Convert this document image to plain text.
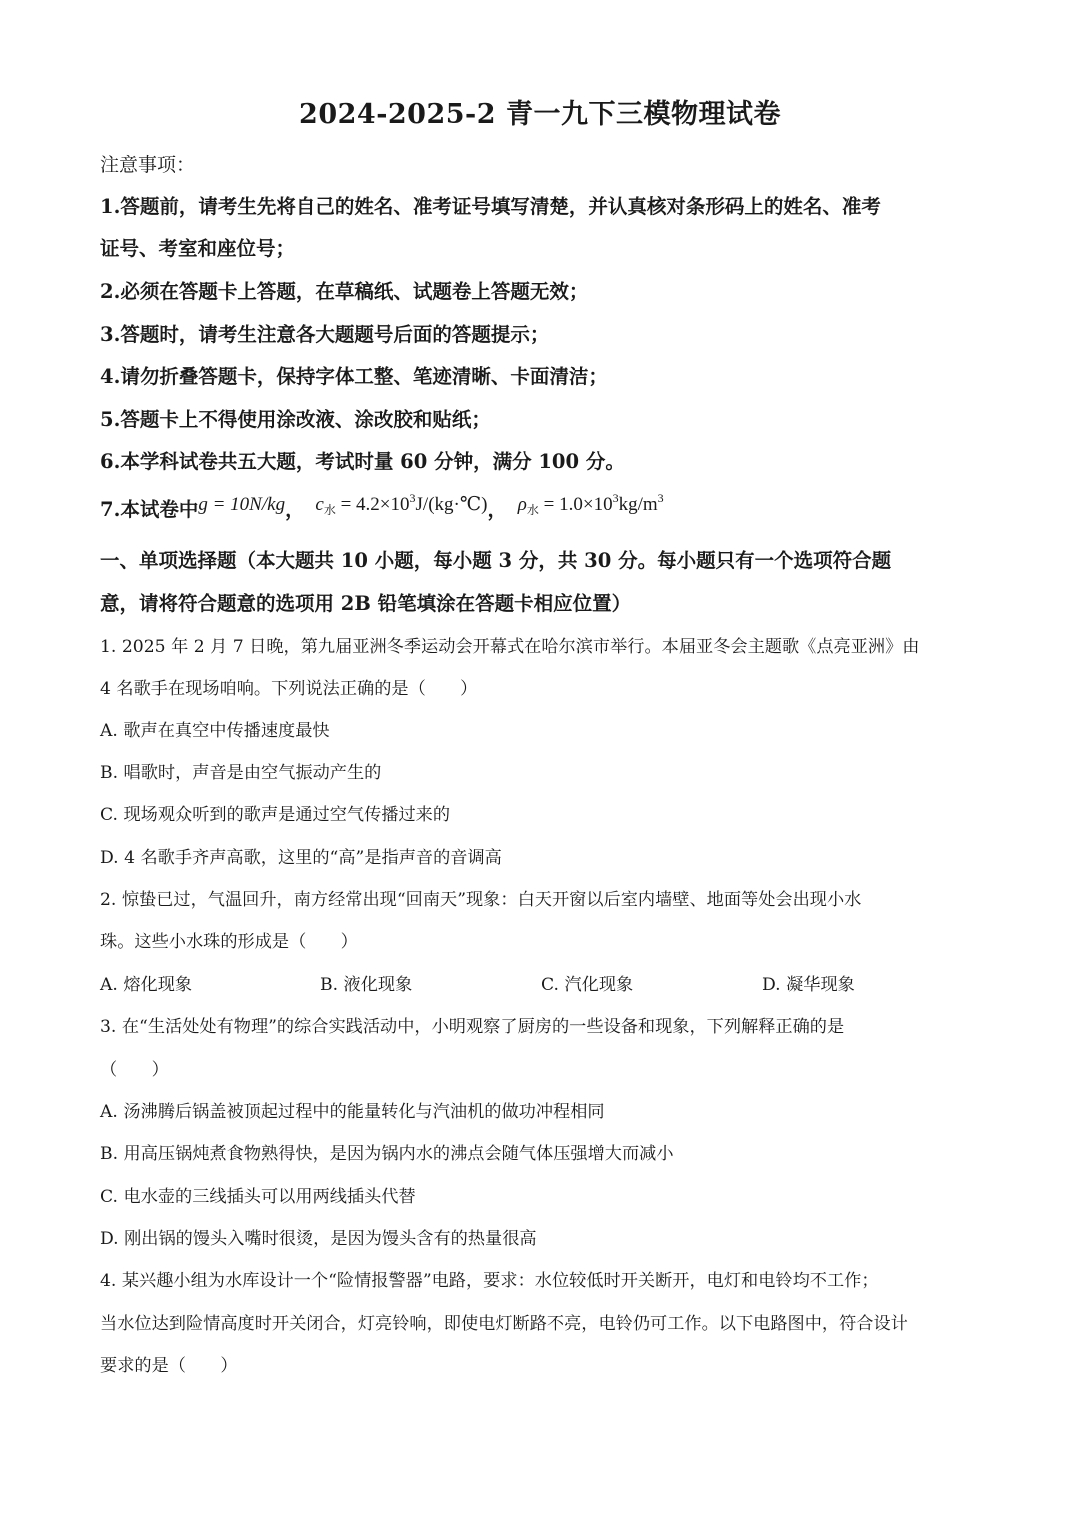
2024-2025-2 青一九下三模物理试卷
注意事项：
1.答题前，请考生先将自己的姓名、准考证号填写清楚，并认真核对条形码上的姓名、准考
证号、考室和座位号；
2.必须在答题卡上答题，在草稿纸、试题卷上答题无效；
3.答题时，请考生注意各大题题号后面的答题提示；
4.请勿折叠答题卡，保持字体工整、笔迹清晰、卡面清洁；
5.答题卡上不得使用涂改液、涂改胶和贴纸；
6.本学科试卷共五大题，考试时量 60 分钟，满分 100 分。
7.本试卷中g = 10N/kg， $c_水$ = $4.2\times 10^3J/(kg\cdot℃)$， $\rho_水 = 1.0\times 10^3kg/m^3$
一、单项选择题（本大题共 10 小题，每小题 3 分，共 30 分。每小题只有一个选项符合题
意，请将符合题意的选项用 2B 铅笔填涂在答题卡相应位置）
1. 2025 年 2 月 7 日晚，第九届亚洲冬季运动会开幕式在哈尔滨市举行。本届亚冬会主题歌《点亮亚洲》由
4 名歌手在现场咱响。下列说法正确的是（　　）
A. 歌声在真空中传播速度最快
B. 唱歌时，声音是由空气振动产生的
C. 现场观众听到的歌声是通过空气传播过来的
D. 4 名歌手齐声高歌，这里的“高”是指声音的音调高
2. 惊蛰已过，气温回升，南方经常出现“回南天”现象：白天开窗以后室内墙壁、地面等处会出现小水
珠。这些小水珠的形成是（　　）
A. 熔化现象	B. 液化现象	C. 汽化现象	D. 凝华现象
3. 在“生活处处有物理”的综合实践活动中，小明观察了厨房的一些设备和现象，下列解释正确的是
（　　）
A. 汤沸腾后锅盖被顶起过程中的能量转化与汽油机的做功冲程相同
B. 用高压锅炖煮食物熟得快，是因为锅内水的沸点会随气体压强增大而减小
C. 电水壶的三线插头可以用两线插头代替
D. 刚出锅的馒头入嘴时很烫，是因为馒头含有的热量很高
4. 某兴趣小组为水库设计一个“险情报警器”电路，要求：水位较低时开关断开，电灯和电铃均不工作；
当水位达到险情高度时开关闭合，灯亮铃响，即使电灯断路不亮，电铃仍可工作。以下电路图中，符合设计
要求的是（　　）
